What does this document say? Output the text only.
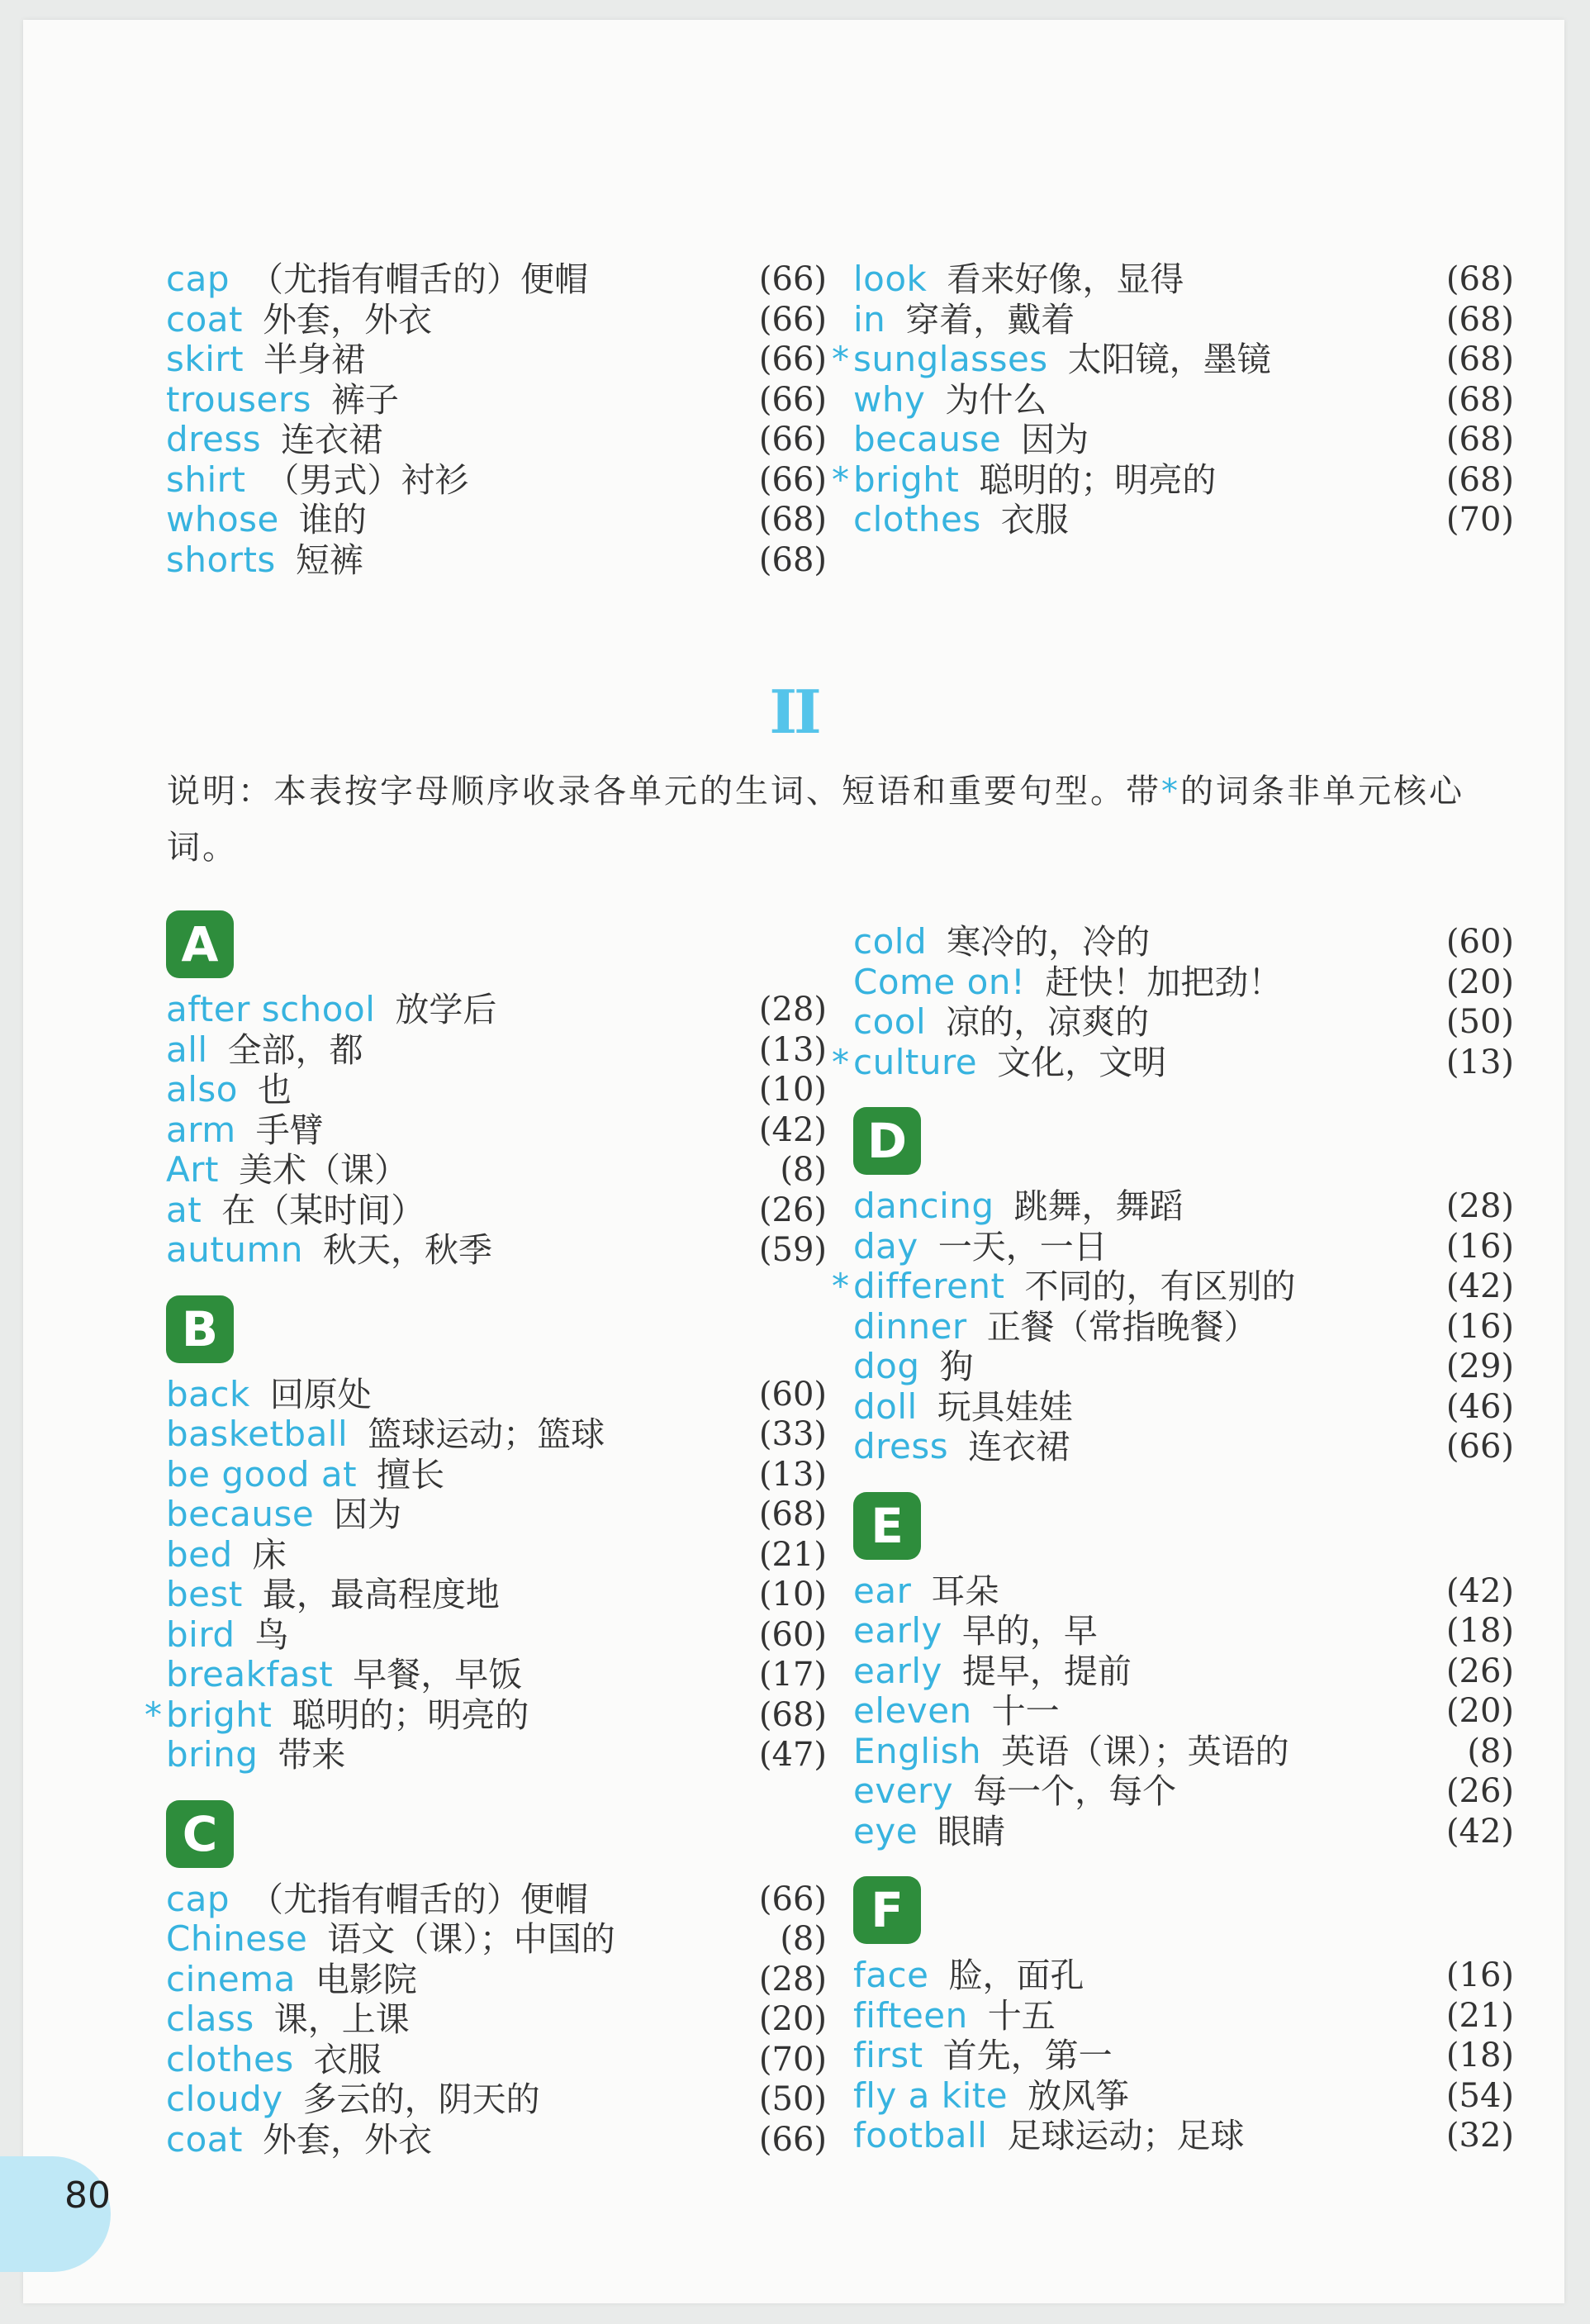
cap （尤指有帽舌的）便帽	(66)
coat 外套，外衣	(66)
skirt 半身裙	(66)
trousers 裤子	(66)
dress 连衣裙	(66)
shirt （男式）衬衫	(66)
whose 谁的	(68)
shorts 短裤	(68)
look 看来好像，显得	(68)
in 穿着，戴着	(68)
* sunglasses 太阳镜，墨镜	(68)
why 为什么	(68)
because 因为	(68)
* bright 聪明的；明亮的	(68)
clothes 衣服	(70)
II
说明：本表按字母顺序收录各单元的生词、短语和重要句型。带*的词条非单元核心词。
A
after school 放学后	(28)
all 全部，都	(13)
also 也	(10)
arm 手臂	(42)
Art 美术（课）	(8)
at 在（某时间）	(26)
autumn 秋天，秋季	(59)
B
back 回原处	(60)
basketball 篮球运动；篮球	(33)
be good at 擅长	(13)
because 因为	(68)
bed 床	(21)
best 最，最高程度地	(10)
bird 鸟	(60)
breakfast 早餐，早饭	(17)
* bright 聪明的；明亮的	(68)
bring 带来	(47)
C
cap （尤指有帽舌的）便帽	(66)
Chinese 语文（课）；中国的	(8)
cinema 电影院	(28)
class 课，上课	(20)
clothes 衣服	(70)
cloudy 多云的，阴天的	(50)
coat 外套，外衣	(66)
cold 寒冷的，冷的	(60)
Come on! 赶快！加把劲！	(20)
cool 凉的，凉爽的	(50)
* culture 文化，文明	(13)
D
dancing 跳舞，舞蹈	(28)
day 一天，一日	(16)
* different 不同的，有区别的	(42)
dinner 正餐（常指晚餐）	(16)
dog 狗	(29)
doll 玩具娃娃	(46)
dress 连衣裙	(66)
E
ear 耳朵	(42)
early 早的，早	(18)
early 提早，提前	(26)
eleven 十一	(20)
English 英语（课）；英语的	(8)
every 每一个，每个	(26)
eye 眼睛	(42)
F
face 脸，面孔	(16)
fifteen 十五	(21)
first 首先，第一	(18)
fly a kite 放风筝	(54)
football 足球运动；足球	(32)
80
